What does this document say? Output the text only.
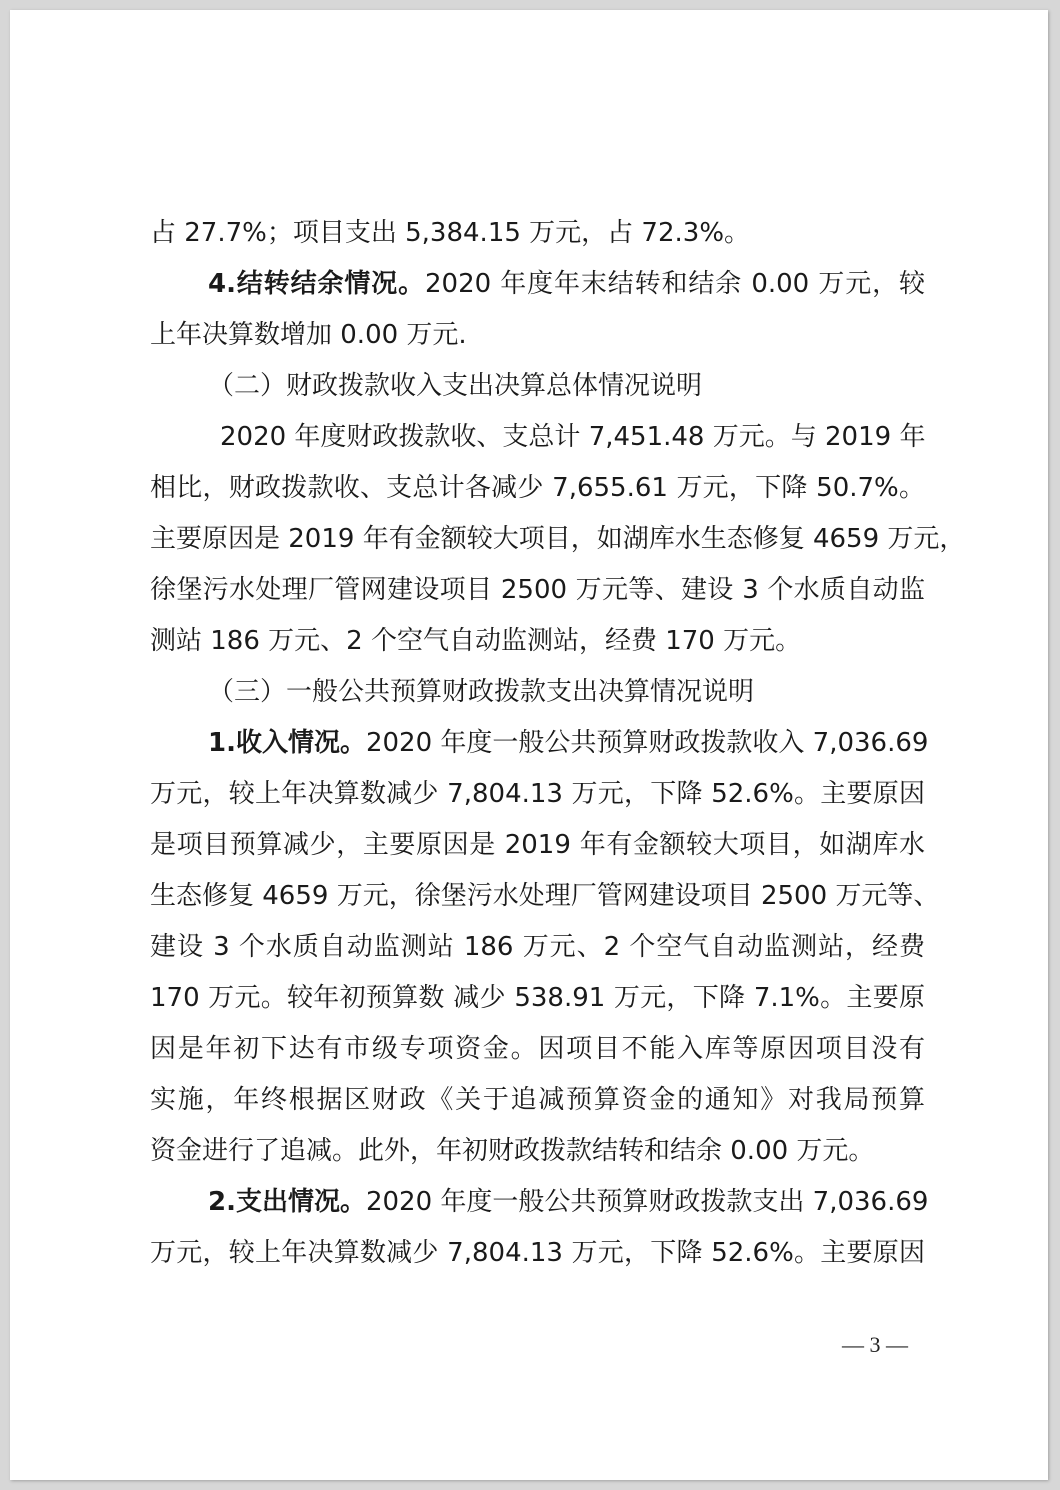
占 27.7%；项目支出 5,384.15 万元，占 72.3%。
4.结转结余情况。2020 年度年末结转和结余 0.00 万元，较
上年决算数增加 0.00 万元.
（二）财政拨款收入支出决算总体情况说明
2020 年度财政拨款收、支总计 7,451.48 万元。与 2019 年
相比，财政拨款收、支总计各减少 7,655.61 万元，下降 50.7%。
主要原因是 2019 年有金额较大项目，如湖库水生态修复 4659 万元，
徐堡污水处理厂管网建设项目 2500 万元等、建设 3 个水质自动监
测站 186 万元、2 个空气自动监测站，经费 170 万元。
（三）一般公共预算财政拨款支出决算情况说明
1.收入情况。2020 年度一般公共预算财政拨款收入 7,036.69
万元，较上年决算数减少 7,804.13 万元，下降 52.6%。主要原因
是项目预算减少，主要原因是 2019 年有金额较大项目，如湖库水
生态修复 4659 万元，徐堡污水处理厂管网建设项目 2500 万元等、
建设 3 个水质自动监测站 186 万元、2 个空气自动监测站，经费
170 万元。较年初预算数 减少 538.91 万元，下降 7.1%。主要原
因是年初下达有市级专项资金。因项目不能入库等原因项目没有
实施，年终根据区财政《关于追减预算资金的通知》对我局预算
资金进行了追减。此外，年初财政拨款结转和结余 0.00 万元。
2.支出情况。2020 年度一般公共预算财政拨款支出 7,036.69
万元，较上年决算数减少 7,804.13 万元，下降 52.6%。主要原因
— 3 —
